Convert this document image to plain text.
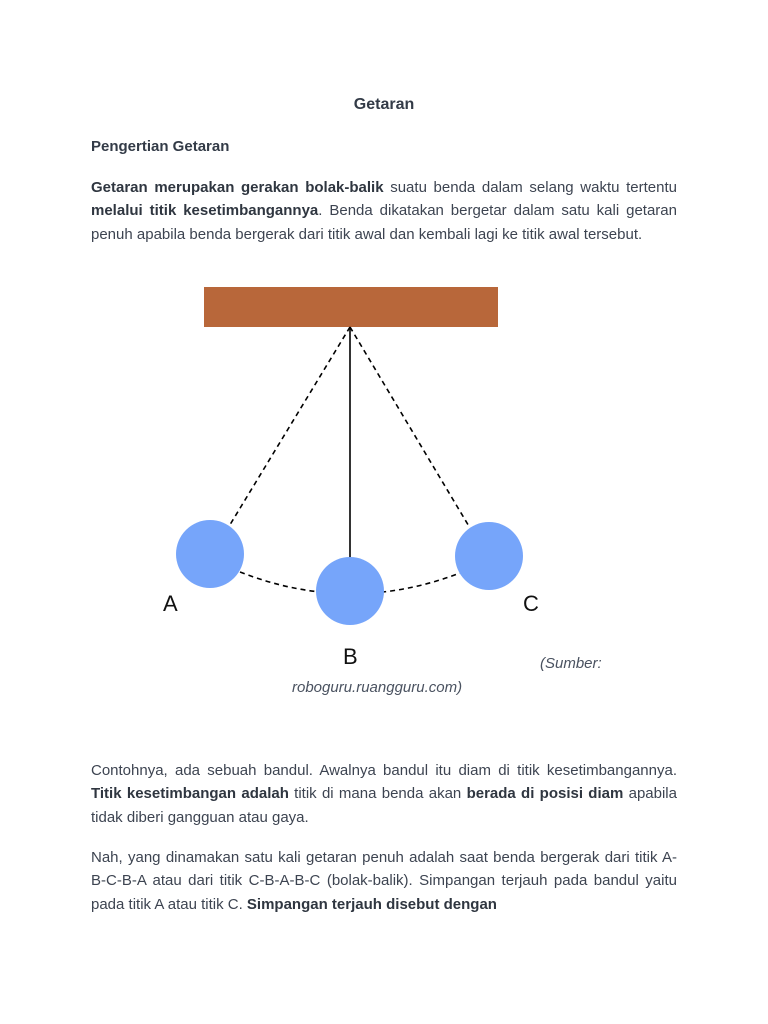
Getaran
Pengertian Getaran
Getaran merupakan gerakan bolak-balik suatu benda dalam selang waktu tertentu melalui titik kesetimbangannya. Benda dikatakan bergetar dalam satu kali getaran penuh apabila benda bergerak dari titik awal dan kembali lagi ke titik awal tersebut.
A
B
C
(Sumber:
roboguru.ruangguru.com)
Contohnya, ada sebuah bandul. Awalnya bandul itu diam di titik kesetimbangannya. Titik kesetimbangan adalah titik di mana benda akan berada di posisi diam apabila tidak diberi gangguan atau gaya.
Nah, yang dinamakan satu kali getaran penuh adalah saat benda bergerak dari titik A-B-C-B-A atau dari titik C-B-A-B-C (bolak-balik). Simpangan terjauh pada bandul yaitu pada titik A atau titik C. Simpangan terjauh disebut dengan
